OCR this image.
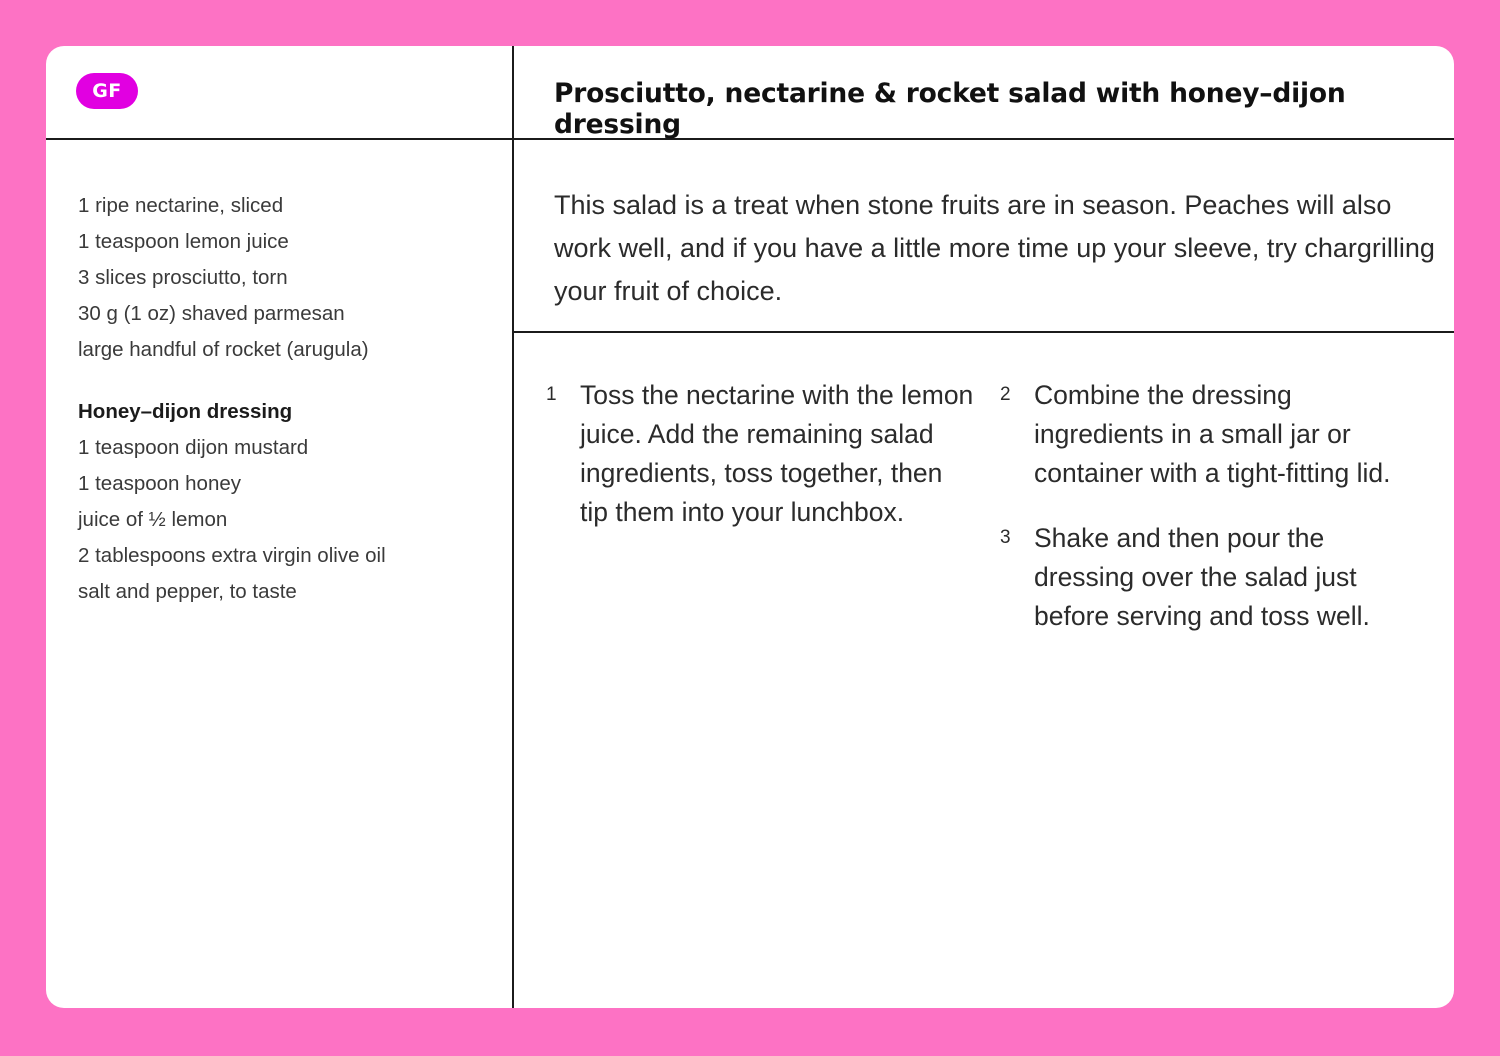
GF	Prosciutto, nectarine & rocket salad with honey–dijon dressing
1 ripe nectarine, sliced
1 teaspoon lemon juice
3 slices prosciutto, torn
30 g (1 oz) shaved parmesan
large handful of rocket (arugula)
Honey–dijon dressing
1 teaspoon dijon mustard
1 teaspoon honey
juice of ½ lemon
2 tablespoons extra virgin olive oil
salt and pepper, to taste
This salad is a treat when stone fruits are in season. Peaches will also work well, and if you have a little more time up your sleeve, try chargrilling your fruit of choice.
1 Toss the nectarine with the lemon juice. Add the remaining salad ingredients, toss together, then tip them into your lunchbox.
2 Combine the dressing ingredients in a small jar or container with a tight-fitting lid.
3 Shake and then pour the dressing over the salad just before serving and toss well.
